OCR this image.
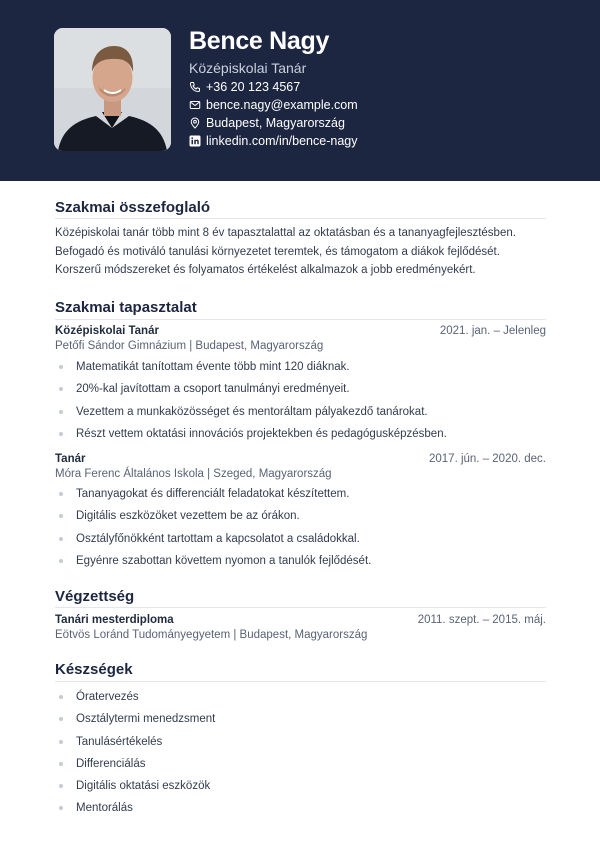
Bence Nagy
Középiskolai Tanár
+36 20 123 4567
bence.nagy@example.com
Budapest, Magyarország
linkedin.com/in/bence-nagy
Szakmai összefoglaló
Középiskolai tanár több mint 8 év tapasztalattal az oktatásban és a tananyagfejlesztésben.
Befogadó és motiváló tanulási környezetet teremtek, és támogatom a diákok fejlődését.
Korszerű módszereket és folyamatos értékelést alkalmazok a jobb eredményekért.
Szakmai tapasztalat
Középiskolai Tanár	2021. jan. – Jelenleg
Petőfi Sándor Gimnázium | Budapest, Magyarország
Matematikát tanítottam évente több mint 120 diáknak.
20%-kal javítottam a csoport tanulmányi eredményeit.
Vezettem a munkaközösséget és mentoráltam pályakezdő tanárokat.
Részt vettem oktatási innovációs projektekben és pedagógusképzésben.
Tanár	2017. jún. – 2020. dec.
Móra Ferenc Általános Iskola | Szeged, Magyarország
Tananyagokat és differenciált feladatokat készítettem.
Digitális eszközöket vezettem be az órákon.
Osztályfőnökként tartottam a kapcsolatot a családokkal.
Egyénre szabottan követtem nyomon a tanulók fejlődését.
Végzettség
Tanári mesterdiploma	2011. szept. – 2015. máj.
Eötvös Loránd Tudományegyetem | Budapest, Magyarország
Készségek
Óratervezés
Osztálytermi menedzsment
Tanulásértékelés
Differenciálás
Digitális oktatási eszközök
Mentorálás
